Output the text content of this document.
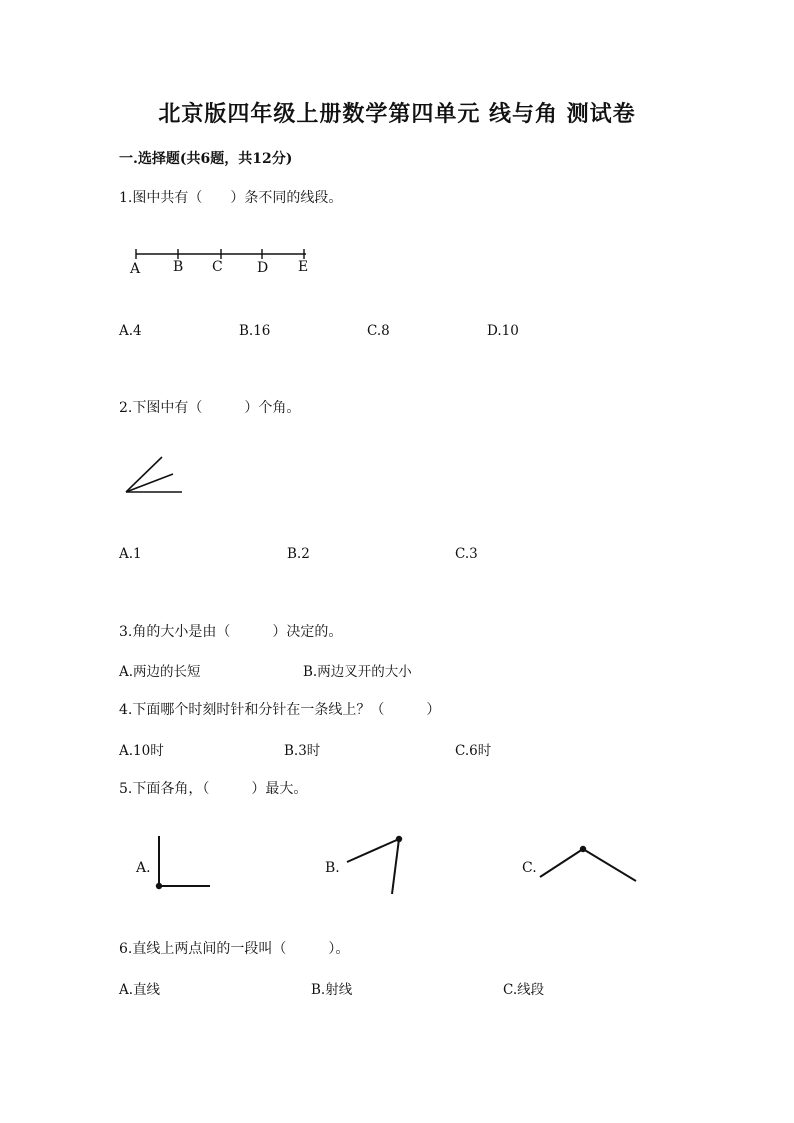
北京版四年级上册数学第四单元 线与角 测试卷
一.选择题(共6题，共12分)
1.图中共有（　　）条不同的线段。
A B C D E
A.4	B.16	C.8	D.10
2.下图中有（　　　）个角。
A.1	B.2	C.3
3.角的大小是由（　　　）决定的。
A.两边的长短	B.两边叉开的大小
4.下面哪个时刻时针和分针在一条线上？（　　　）
A.10时	B.3时	C.6时
5.下面各角，（　　　）最大。
A.	B.	C.
6.直线上两点间的一段叫（　　　）。
A.直线	B.射线	C.线段
